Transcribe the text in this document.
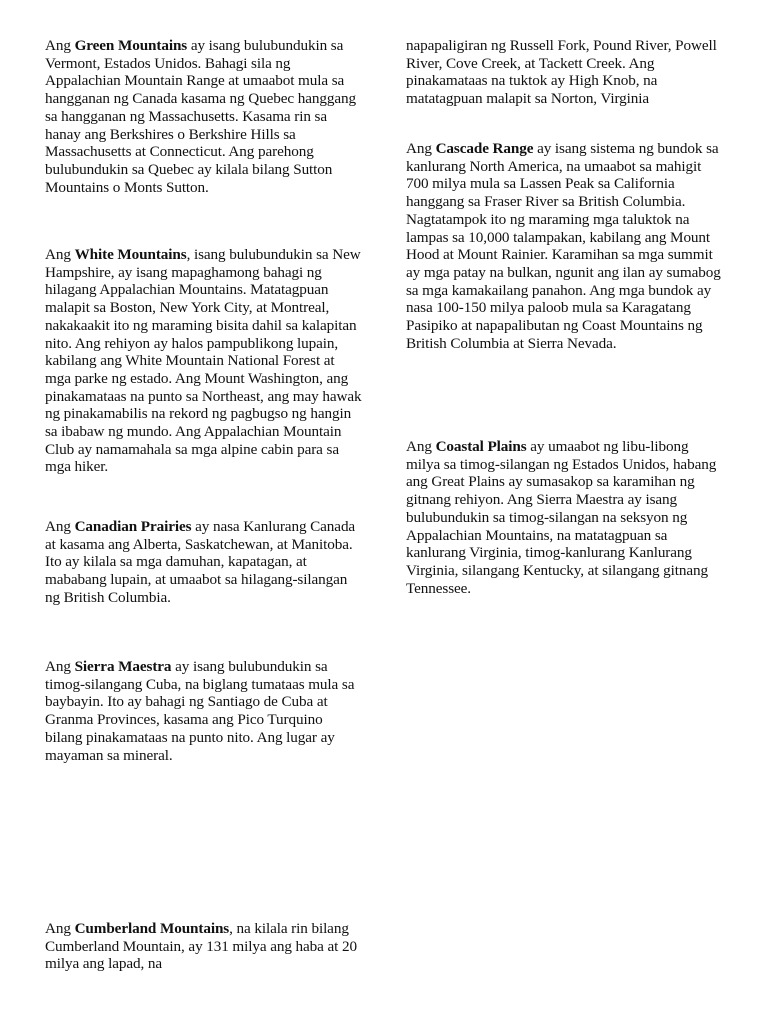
Ang Green Mountains ay isang bulubundukin sa Vermont, Estados Unidos. Bahagi sila ng Appalachian Mountain Range at umaabot mula sa hangganan ng Canada kasama ng Quebec hanggang sa hangganan ng Massachusetts. Kasama rin sa hanay ang Berkshires o Berkshire Hills sa Massachusetts at Connecticut. Ang parehong bulubundukin sa Quebec ay kilala bilang Sutton Mountains o Monts Sutton.

Ang White Mountains, isang bulubundukin sa New Hampshire, ay isang mapaghamong bahagi ng hilagang Appalachian Mountains. Matatagpuan malapit sa Boston, New York City, at Montreal, nakakaakit ito ng maraming bisita dahil sa kalapitan nito. Ang rehiyon ay halos pampublikong lupain, kabilang ang White Mountain National Forest at mga parke ng estado. Ang Mount Washington, ang pinakamataas na punto sa Northeast, ang may hawak ng pinakamabilis na rekord ng pagbugso ng hangin sa ibabaw ng mundo. Ang Appalachian Mountain Club ay namamahala sa mga alpine cabin para sa mga hiker.

Ang Canadian Prairies ay nasa Kanlurang Canada at kasama ang Alberta, Saskatchewan, at Manitoba. Ito ay kilala sa mga damuhan, kapatagan, at mababang lupain, at umaabot sa hilagang-silangan ng British Columbia.

Ang Sierra Maestra ay isang bulubundukin sa timog-silangang Cuba, na biglang tumataas mula sa baybayin. Ito ay bahagi ng Santiago de Cuba at Granma Provinces, kasama ang Pico Turquino bilang pinakamataas na punto nito. Ang lugar ay mayaman sa mineral.

Ang Cumberland Mountains, na kilala rin bilang Cumberland Mountain, ay 131 milya ang haba at 20 milya ang lapad, na

napapaligiran ng Russell Fork, Pound River, Powell River, Cove Creek, at Tackett Creek. Ang pinakamataas na tuktok ay High Knob, na matatagpuan malapit sa Norton, Virginia

Ang Cascade Range ay isang sistema ng bundok sa kanlurang North America, na umaabot sa mahigit 700 milya mula sa Lassen Peak sa California hanggang sa Fraser River sa British Columbia. Nagtatampok ito ng maraming mga taluktok na lampas sa 10,000 talampakan, kabilang ang Mount Hood at Mount Rainier. Karamihan sa mga summit ay mga patay na bulkan, ngunit ang ilan ay sumabog sa mga kamakailang panahon. Ang mga bundok ay nasa 100-150 milya paloob mula sa Karagatang Pasipiko at napapalibutan ng Coast Mountains ng British Columbia at Sierra Nevada.

Ang Coastal Plains ay umaabot ng libu-libong milya sa timog-silangan ng Estados Unidos, habang ang Great Plains ay sumasakop sa karamihan ng gitnang rehiyon. Ang Sierra Maestra ay isang bulubundukin sa timog-silangan na seksyon ng Appalachian Mountains, na matatagpuan sa kanlurang Virginia, timog-kanlurang Kanlurang Virginia, silangang Kentucky, at silangang gitnang Tennessee.
